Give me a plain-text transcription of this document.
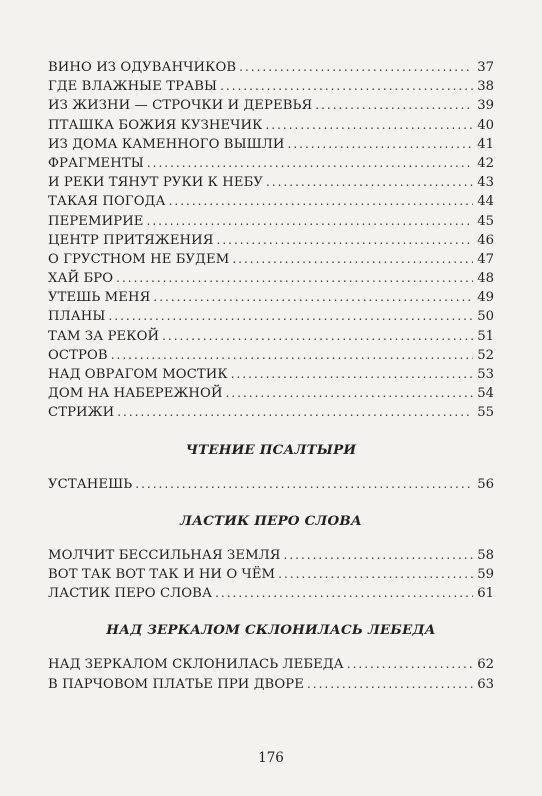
ВИНО ИЗ ОДУВАНЧИКОВ .....	37
ГДЕ ВЛАЖНЫЕ ТРАВЫ .....	38
ИЗ ЖИЗНИ — СТРОЧКИ И ДЕРЕВЬЯ .....	39
ПТАШКА БОЖИЯ КУЗНЕЧИК .....	40
ИЗ ДОМА КАМЕННОГО ВЫШЛИ .....	41
ФРАГМЕНТЫ .....	42
И РЕКИ ТЯНУТ РУКИ К НЕБУ .....	43
ТАКАЯ ПОГОДА .....	44
ПЕРЕМИРИЕ .....	45
ЦЕНТР ПРИТЯЖЕНИЯ .....	46
О ГРУСТНОМ НЕ БУДЕМ .....	47
ХАЙ БРО .....	48
УТЕШЬ МЕНЯ .....	49
ПЛАНЫ .....	50
ТАМ ЗА РЕКОЙ .....	51
ОСТРОВ .....	52
НАД ОВРАГОМ МОСТИК .....	53
ДОМ НА НАБЕРЕЖНОЙ .....	54
СТРИЖИ .....	55
ЧТЕНИЕ ПСАЛТЫРИ
УСТАНЕШЬ .....	56
ЛАСТИК ПЕРО СЛОВА
МОЛЧИТ БЕССИЛЬНАЯ ЗЕМЛЯ .....	58
ВОТ ТАК ВОТ ТАК И НИ О ЧЁМ .....	59
ЛАСТИК ПЕРО СЛОВА .....	61
НАД ЗЕРКАЛОМ СКЛОНИЛАСЬ ЛЕБЕДА
НАД ЗЕРКАЛОМ СКЛОНИЛАСЬ ЛЕБЕДА .....	62
В ПАРЧОВОМ ПЛАТЬЕ ПРИ ДВОРЕ .....	63
176
